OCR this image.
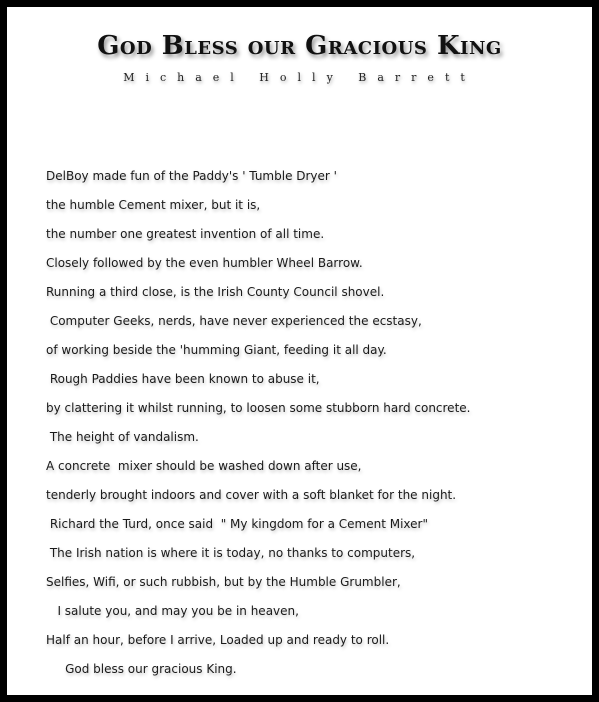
God Bless our Gracious King
Michael Holly Barrett
DelBoy made fun of the Paddy's ' Tumble Dryer '
the humble Cement mixer, but it is,
the number one greatest invention of all time.
Closely followed by the even humbler Wheel Barrow.
Running a third close, is the Irish County Council shovel.
Computer Geeks, nerds, have never experienced the ecstasy,
of working beside the 'humming Giant, feeding it all day.
Rough Paddies have been known to abuse it,
by clattering it whilst running, to loosen some stubborn hard concrete.
The height of vandalism.
A concrete  mixer should be washed down after use,
tenderly brought indoors and cover with a soft blanket for the night.
Richard the Turd, once said  " My kingdom for a Cement Mixer"
The Irish nation is where it is today, no thanks to computers,
Selfies, Wifi, or such rubbish, but by the Humble Grumbler,
I salute you, and may you be in heaven,
Half an hour, before I arrive, Loaded up and ready to roll.
God bless our gracious King.
